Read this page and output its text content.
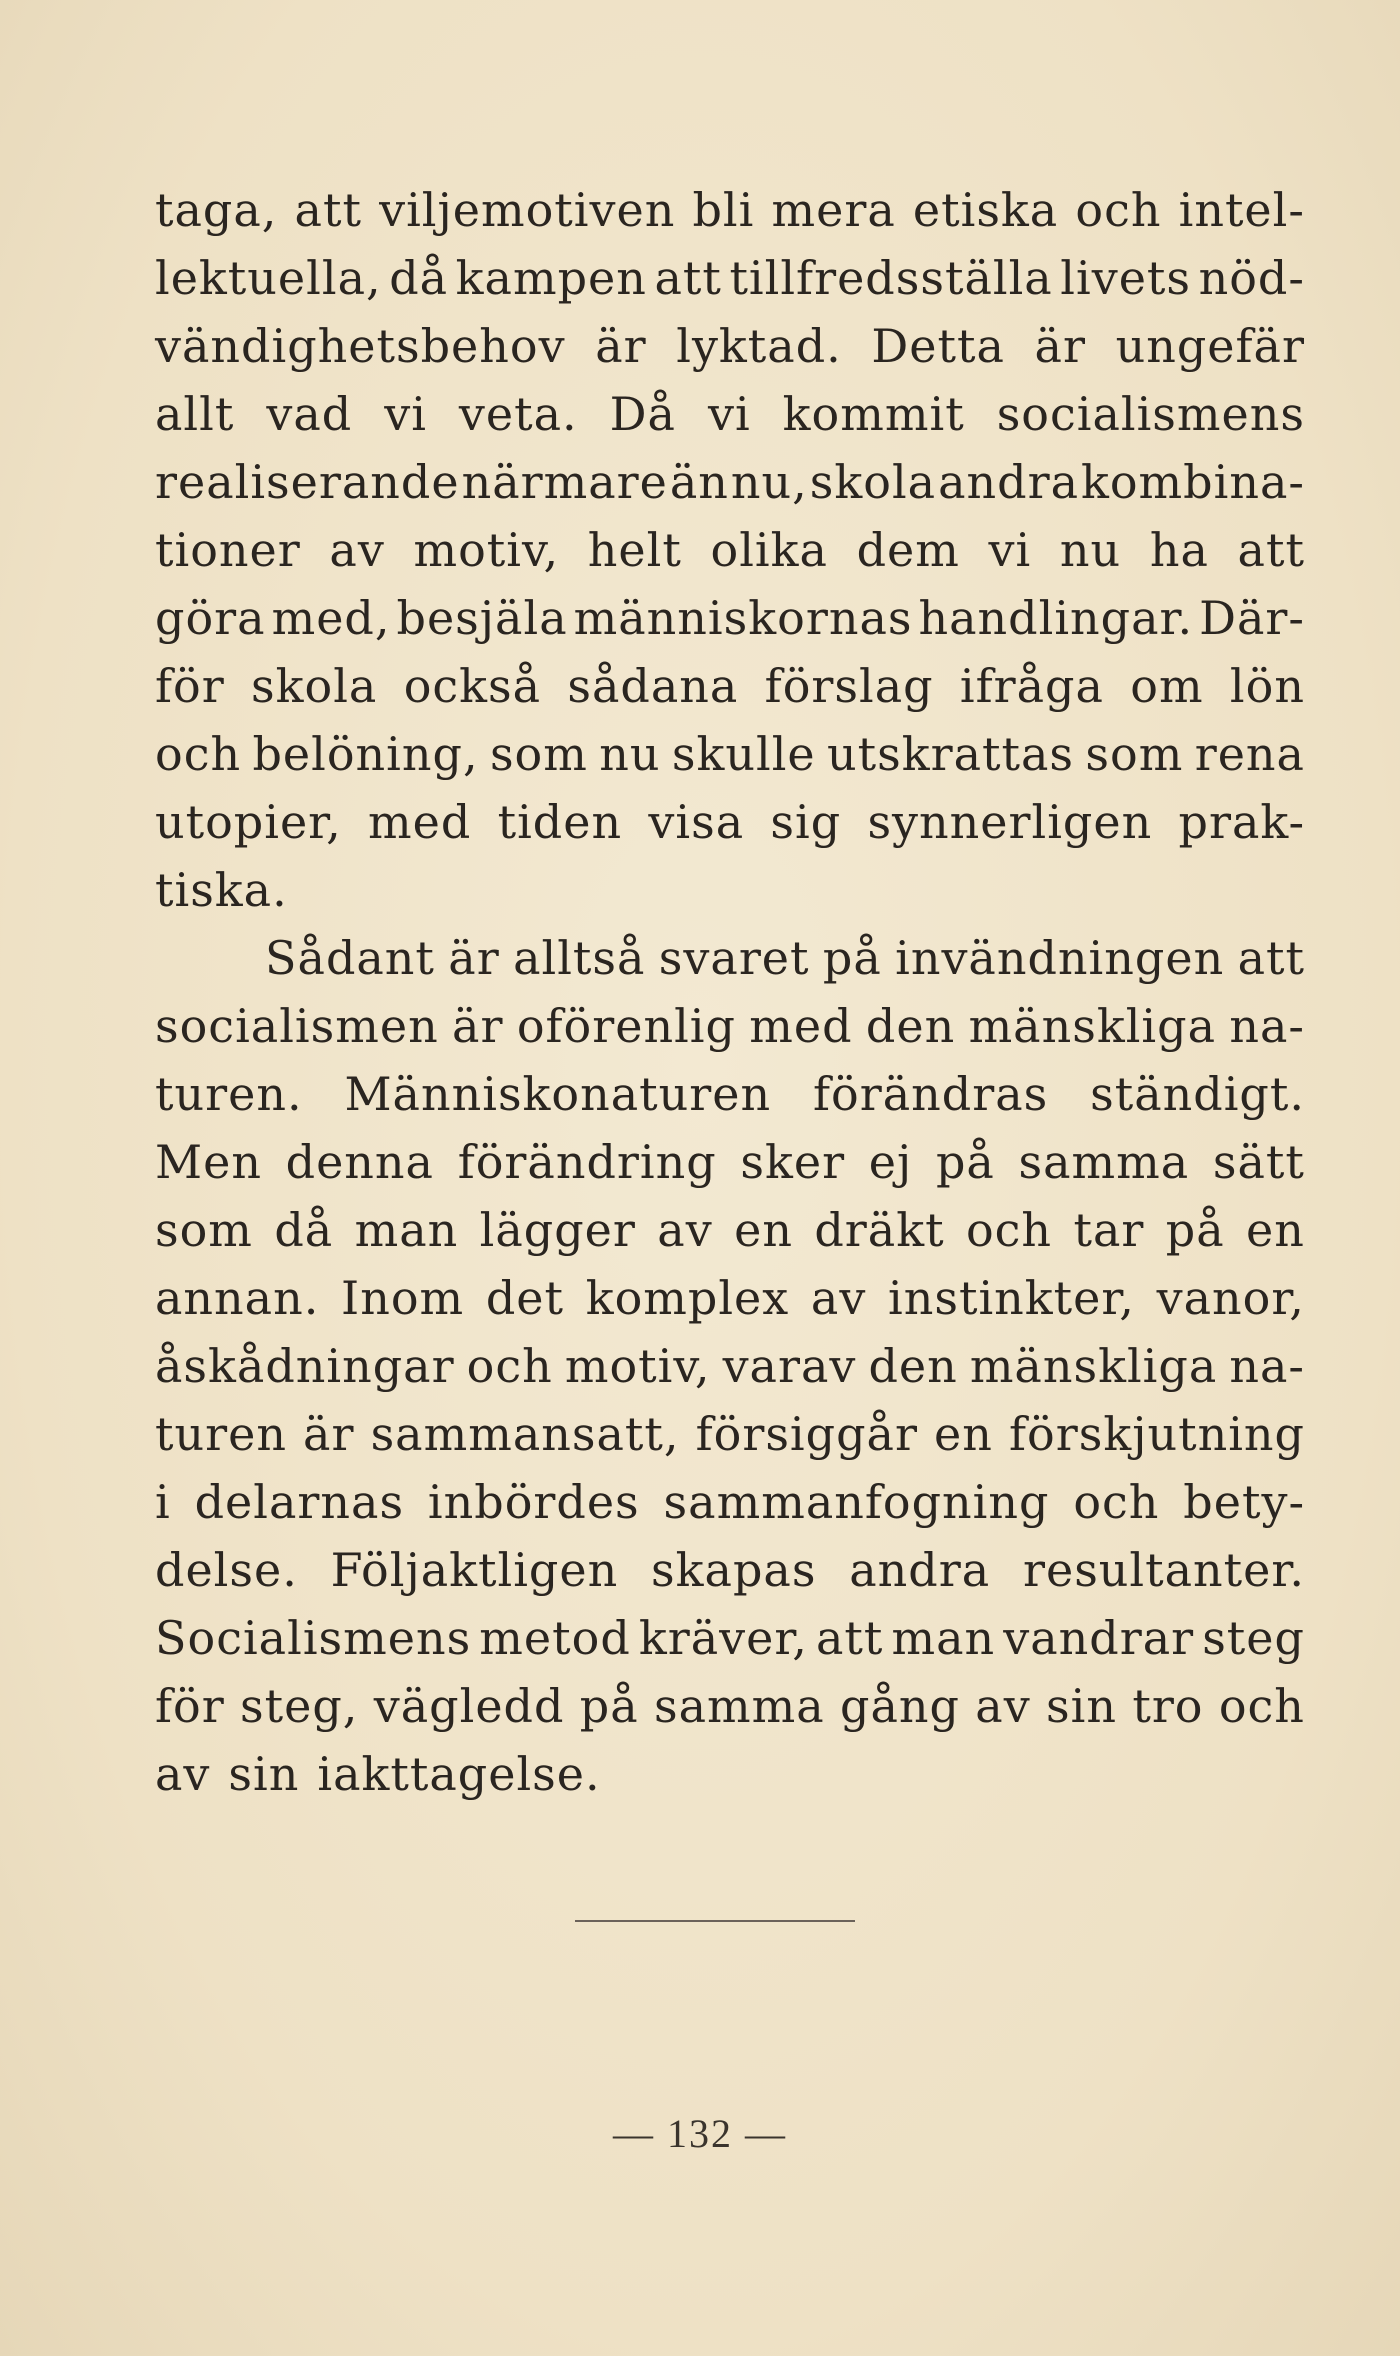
taga, att viljemotiven bli mera etiska och intel-
lektuella, då kampen att tillfredsställa livets nöd-
vändighetsbehov är lyktad. Detta är ungefär
allt vad vi veta. Då vi kommit socialismens
realiserande närmare än nu, skola andra kombina-
tioner av motiv, helt olika dem vi nu ha att
göra med, besjäla människornas handlingar. Där-
för skola också sådana förslag ifråga om lön
och belöning, som nu skulle utskrattas som rena
utopier, med tiden visa sig synnerligen prak-
tiska.
Sådant är alltså svaret på invändningen att
socialismen är oförenlig med den mänskliga na-
turen. Människonaturen förändras ständigt.
Men denna förändring sker ej på samma sätt
som då man lägger av en dräkt och tar på en
annan. Inom det komplex av instinkter, vanor,
åskådningar och motiv, varav den mänskliga na-
turen är sammansatt, försiggår en förskjutning
i delarnas inbördes sammanfogning och bety-
delse. Följaktligen skapas andra resultanter.
Socialismens metod kräver, att man vandrar steg
för steg, vägledd på samma gång av sin tro och
av sin iakttagelse.
— 132 —
